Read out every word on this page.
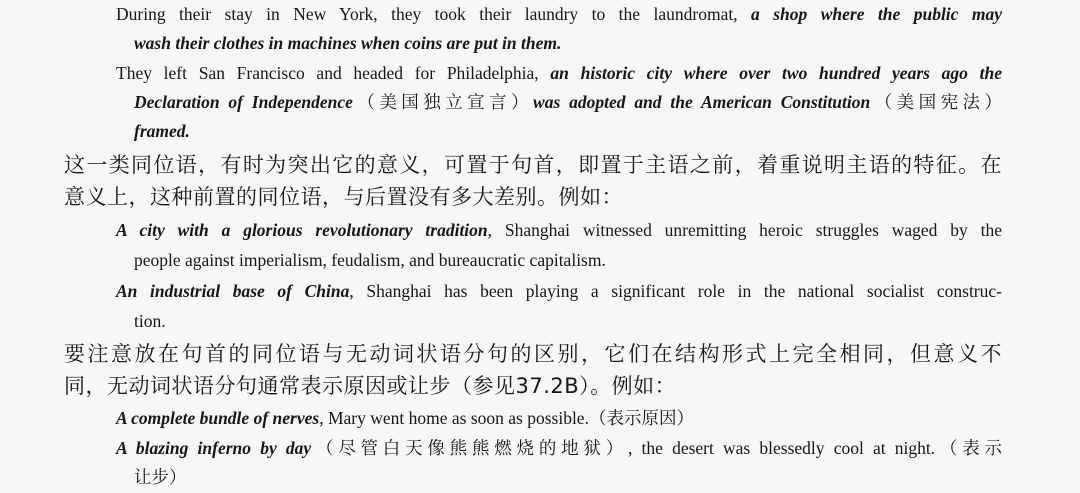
During their stay in New York, they took their laundry to the laundromat, a shop where the public may
wash their clothes in machines when coins are put in them.
They left San Francisco and headed for Philadelphia, an historic city where over two hundred years ago the
Declaration of Independence（美国独立宣言）was adopted and the American Constitution（美国宪法）
framed.
这一类同位语，有时为突出它的意义，可置于句首，即置于主语之前，着重说明主语的特征。在
意义上，这种前置的同位语，与后置没有多大差别。例如：
A city with a glorious revolutionary tradition, Shanghai witnessed unremitting heroic struggles waged by the
people against imperialism, feudalism, and bureaucratic capitalism.
An industrial base of China, Shanghai has been playing a significant role in the national socialist construc-
tion.
要注意放在句首的同位语与无动词状语分句的区别，它们在结构形式上完全相同，但意义不
同，无动词状语分句通常表示原因或让步（参见37.2B）。例如：
A complete bundle of nerves, Mary went home as soon as possible.（表示原因）
A blazing inferno by day（尽管白天像熊熊燃烧的地狱）, the desert was blessedly cool at night.（表示
让步）
